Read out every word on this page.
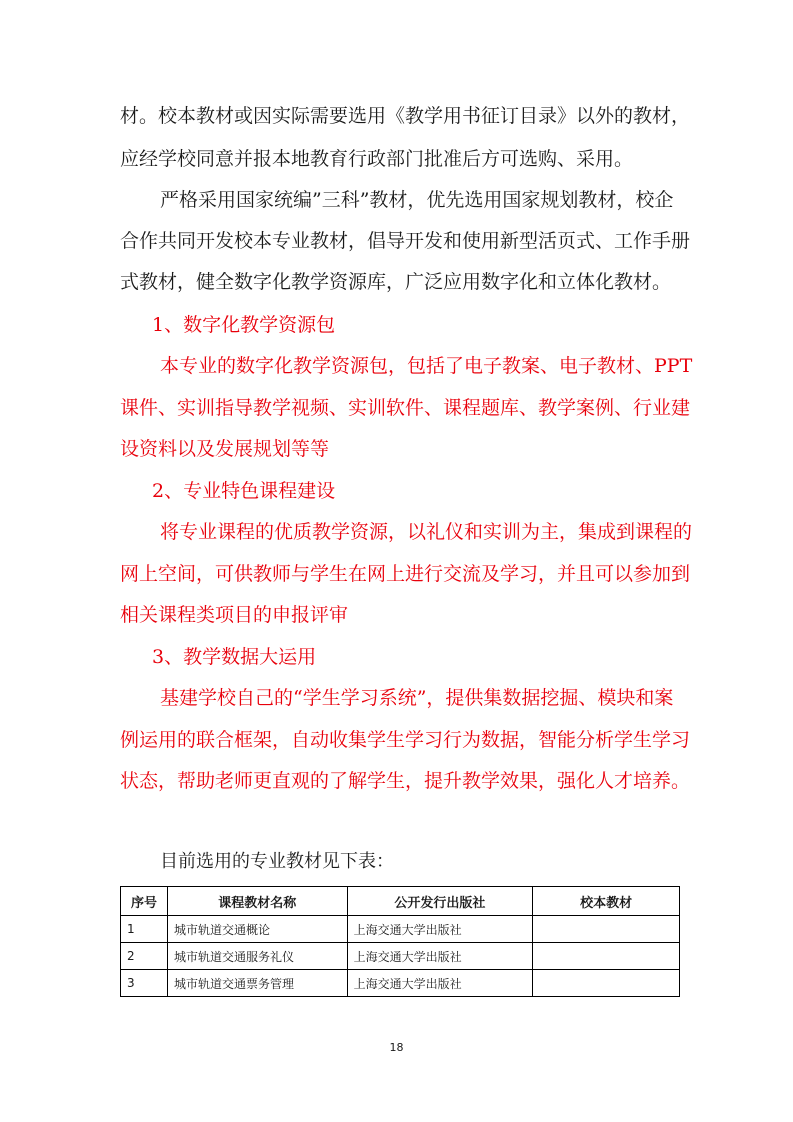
材。校本教材或因实际需要选用《教学用书征订目录》以外的教材，
应经学校同意并报本地教育行政部门批准后方可选购、采用。
严格采用国家统编”三科”教材，优先选用国家规划教材，校企
合作共同开发校本专业教材，倡导开发和使用新型活页式、工作手册
式教材，健全数字化教学资源库，广泛应用数字化和立体化教材。
1、数字化教学资源包
本专业的数字化教学资源包，包括了电子教案、电子教材、PPT
课件、实训指导教学视频、实训软件、课程题库、教学案例、行业建
设资料以及发展规划等等
2、专业特色课程建设
将专业课程的优质教学资源，以礼仪和实训为主，集成到课程的
网上空间，可供教师与学生在网上进行交流及学习，并且可以参加到
相关课程类项目的申报评审
3、教学数据大运用
基建学校自己的“学生学习系统”，提供集数据挖掘、模块和案
例运用的联合框架，自动收集学生学习行为数据，智能分析学生学习
状态，帮助老师更直观的了解学生，提升教学效果，强化人才培养。
目前选用的专业教材见下表：
序号	课程教材名称	公开发行出版社	校本教材
1	城市轨道交通概论	上海交通大学出版社	
2	城市轨道交通服务礼仪	上海交通大学出版社	
3	城市轨道交通票务管理	上海交通大学出版社	
18
